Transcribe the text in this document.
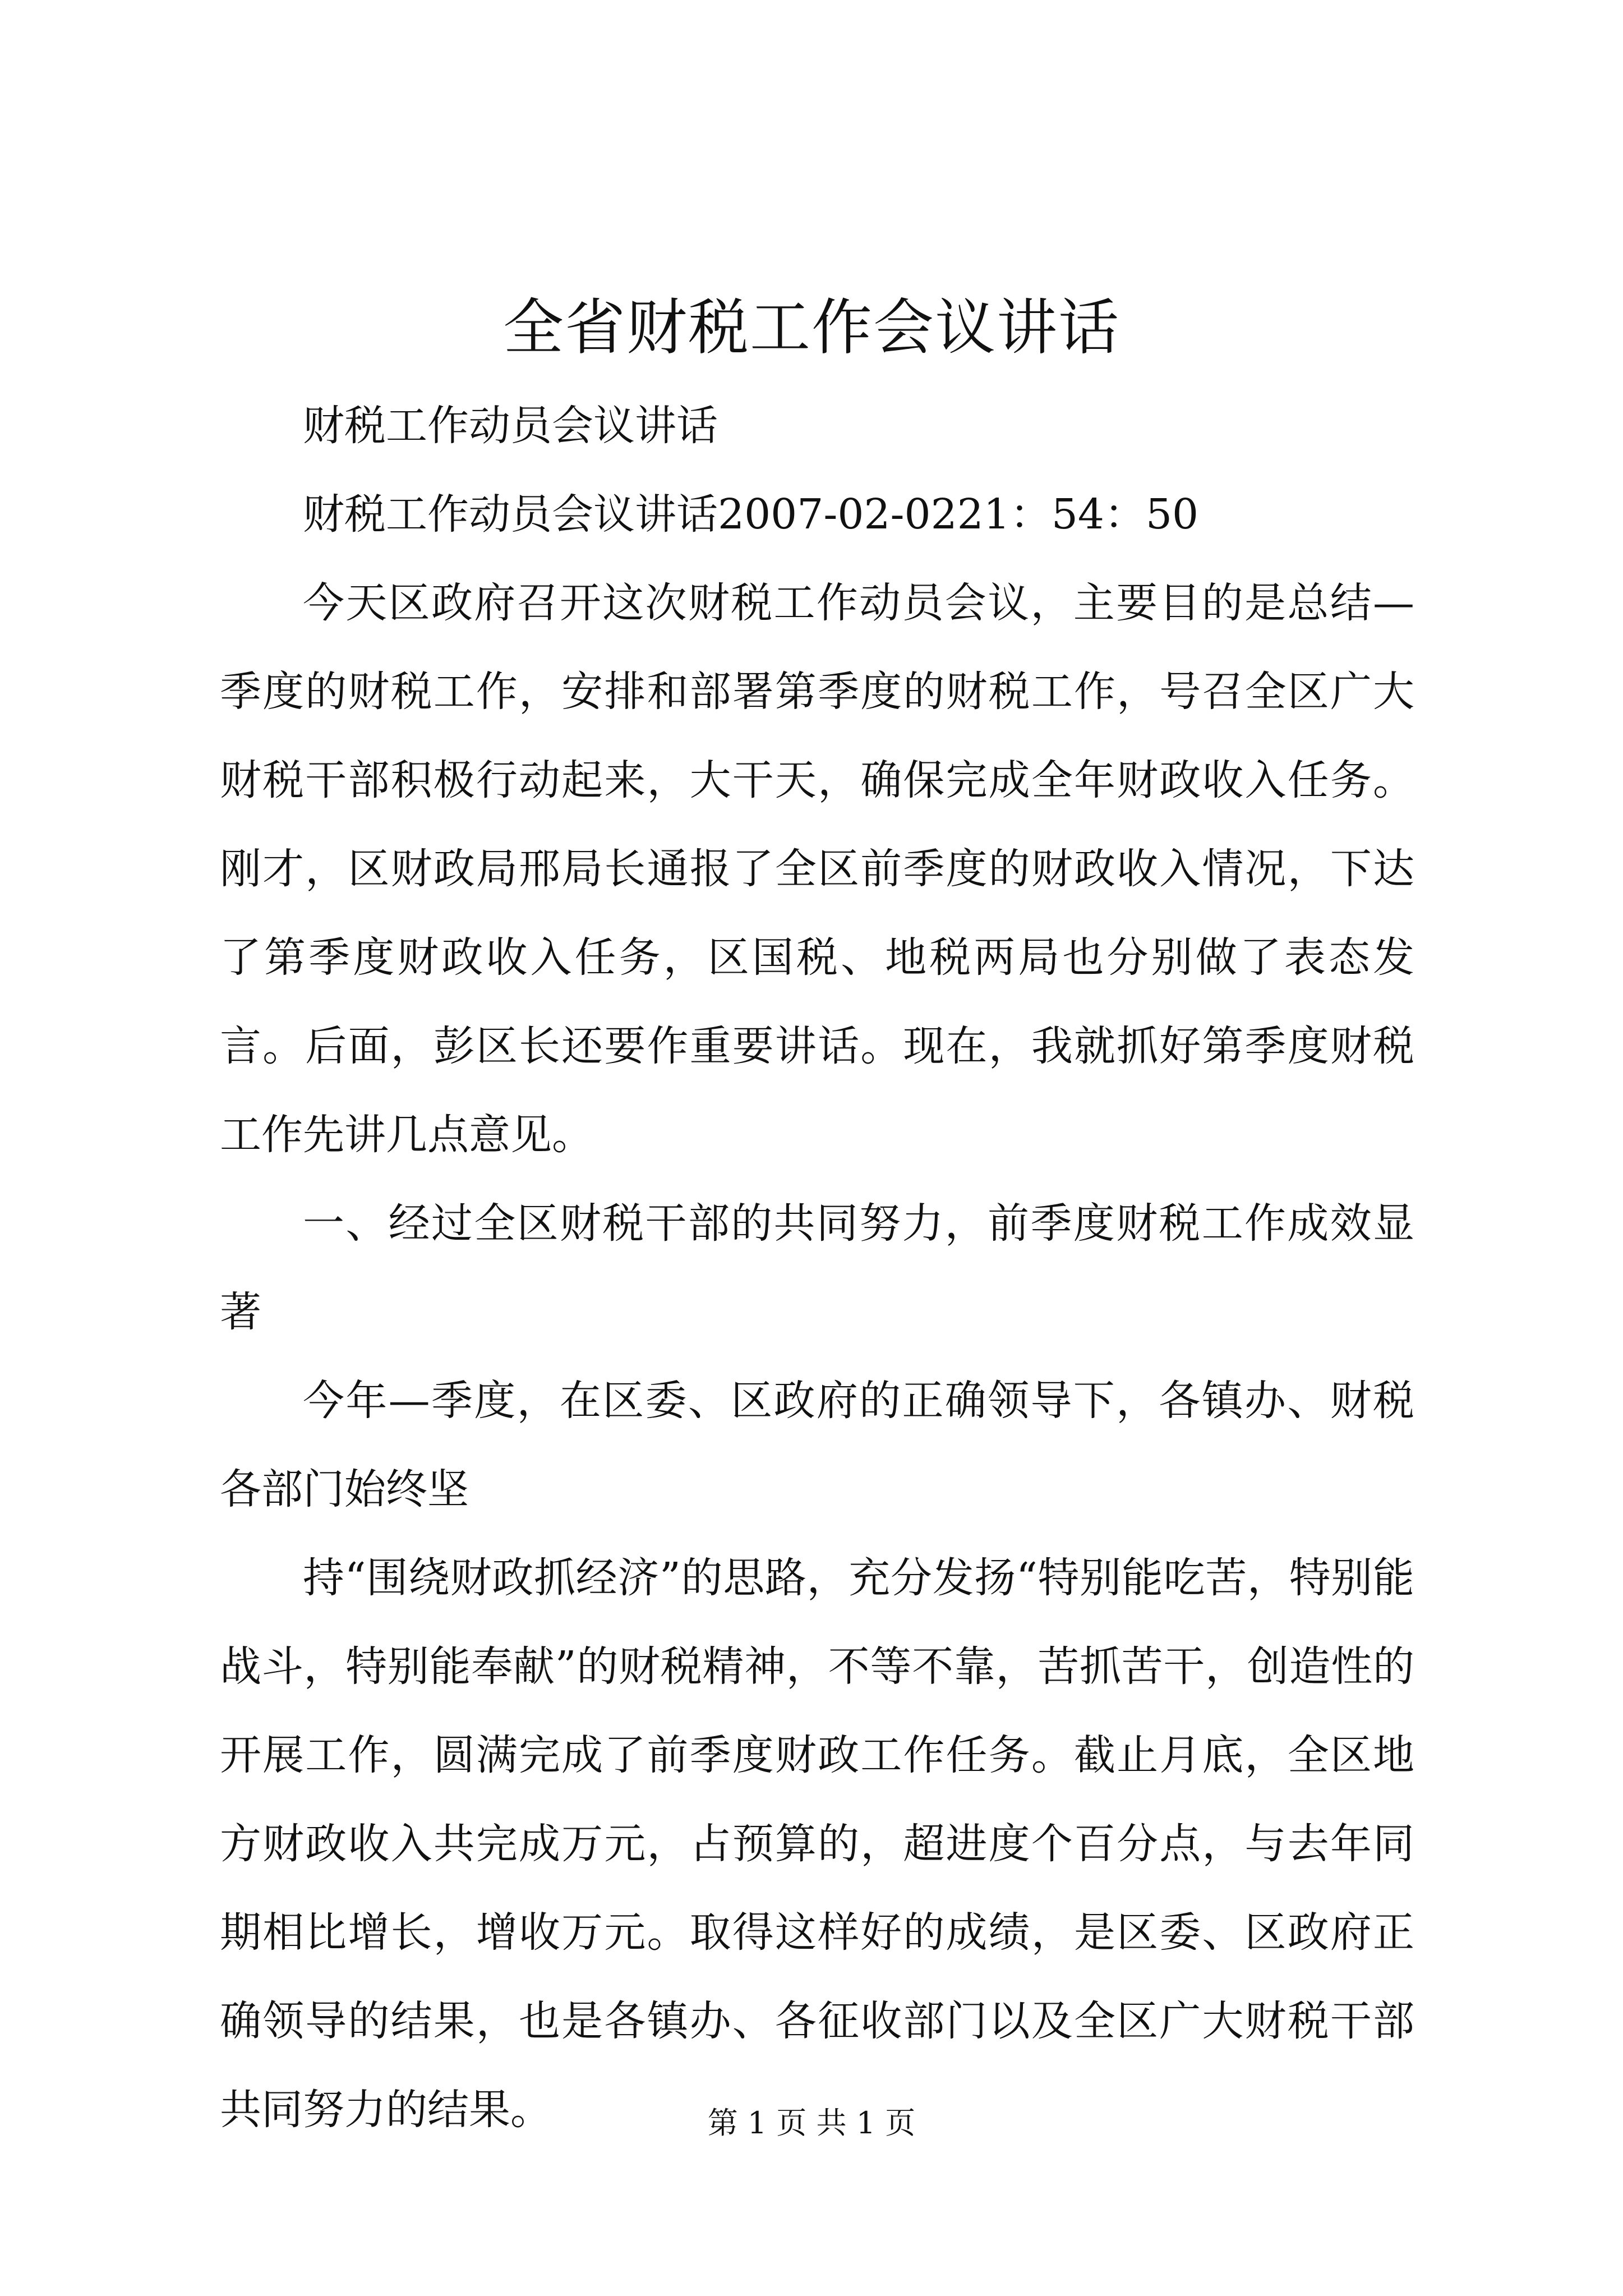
全省财税工作会议讲话

财税工作动员会议讲话

财税工作动员会议讲话2007-02-0221：54：50

今天区政府召开这次财税工作动员会议，主要目的是总结—季度的财税工作，安排和部署第季度的财税工作，号召全区广大财税干部积极行动起来，大干天，确保完成全年财政收入任务。刚才，区财政局邢局长通报了全区前季度的财政收入情况，下达了第季度财政收入任务，区国税、地税两局也分别做了表态发言。后面，彭区长还要作重要讲话。现在，我就抓好第季度财税工作先讲几点意见。

一、经过全区财税干部的共同努力，前季度财税工作成效显著

今年—季度，在区委、区政府的正确领导下，各镇办、财税各部门始终坚

持“围绕财政抓经济”的思路，充分发扬“特别能吃苦，特别能战斗，特别能奉献”的财税精神，不等不靠，苦抓苦干，创造性的开展工作，圆满完成了前季度财政工作任务。截止月底，全区地方财政收入共完成万元，占预算的，超进度个百分点，与去年同期相比增长，增收万元。取得这样好的成绩，是区委、区政府正确领导的结果，也是各镇办、各征收部门以及全区广大财税干部共同努力的结果。	第 1 页 共 1 页
